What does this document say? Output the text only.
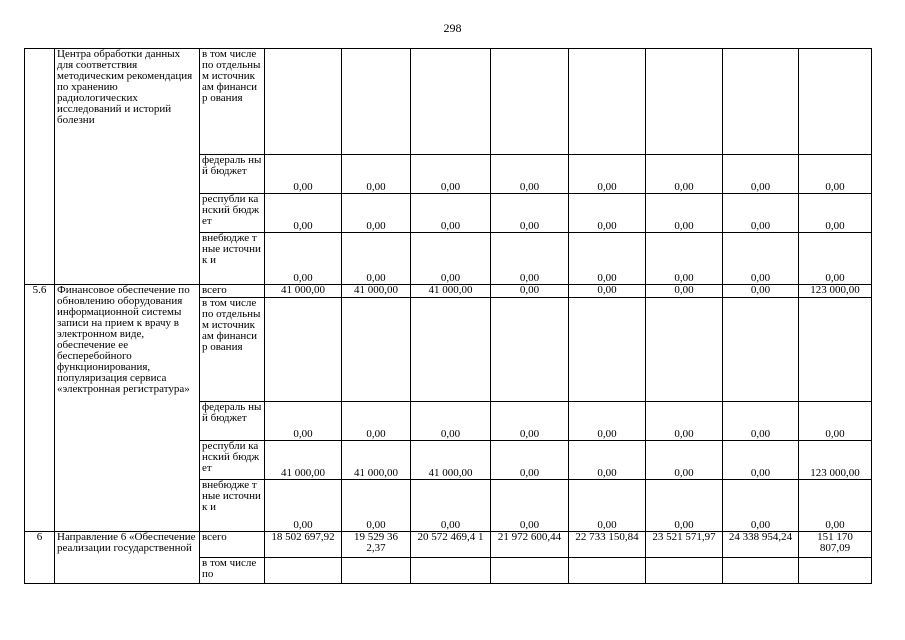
298
	Центра обработки данных для соответствия методическим рекомендация по хранению радиологических исследований и историй болезни	в том числе по отдельны м источник ам финансир ования								
		федераль ный бюджет	0,00	0,00	0,00	0,00	0,00	0,00	0,00	0,00
		республи канский бюджет	0,00	0,00	0,00	0,00	0,00	0,00	0,00	0,00
		внебюдже тные источник и	0,00	0,00	0,00	0,00	0,00	0,00	0,00	0,00
5.6	Финансовое обеспечение по обновлению оборудования информационной системы записи на прием к врачу в электронном виде, обеспечение ее бесперебойного функционирования, популяризация сервиса «электронная регистратура»	всего	41 000,00	41 000,00	41 000,00	0,00	0,00	0,00	0,00	123 000,00
		в том числе по отдельны м источник ам финансир ования								
		федераль ный бюджет	0,00	0,00	0,00	0,00	0,00	0,00	0,00	0,00
		республи канский бюджет	41 000,00	41 000,00	41 000,00	0,00	0,00	0,00	0,00	123 000,00
		внебюдже тные источник и	0,00	0,00	0,00	0,00	0,00	0,00	0,00	0,00
6	Направление 6 «Обеспечение реализации государственной	всего	18 502 697,92	19 529 36 2,37	20 572 469,4 1	21 972 600,44	22 733 150,84	23 521 571,97	24 338 954,24	151 170 807,09
		в том числе по								
